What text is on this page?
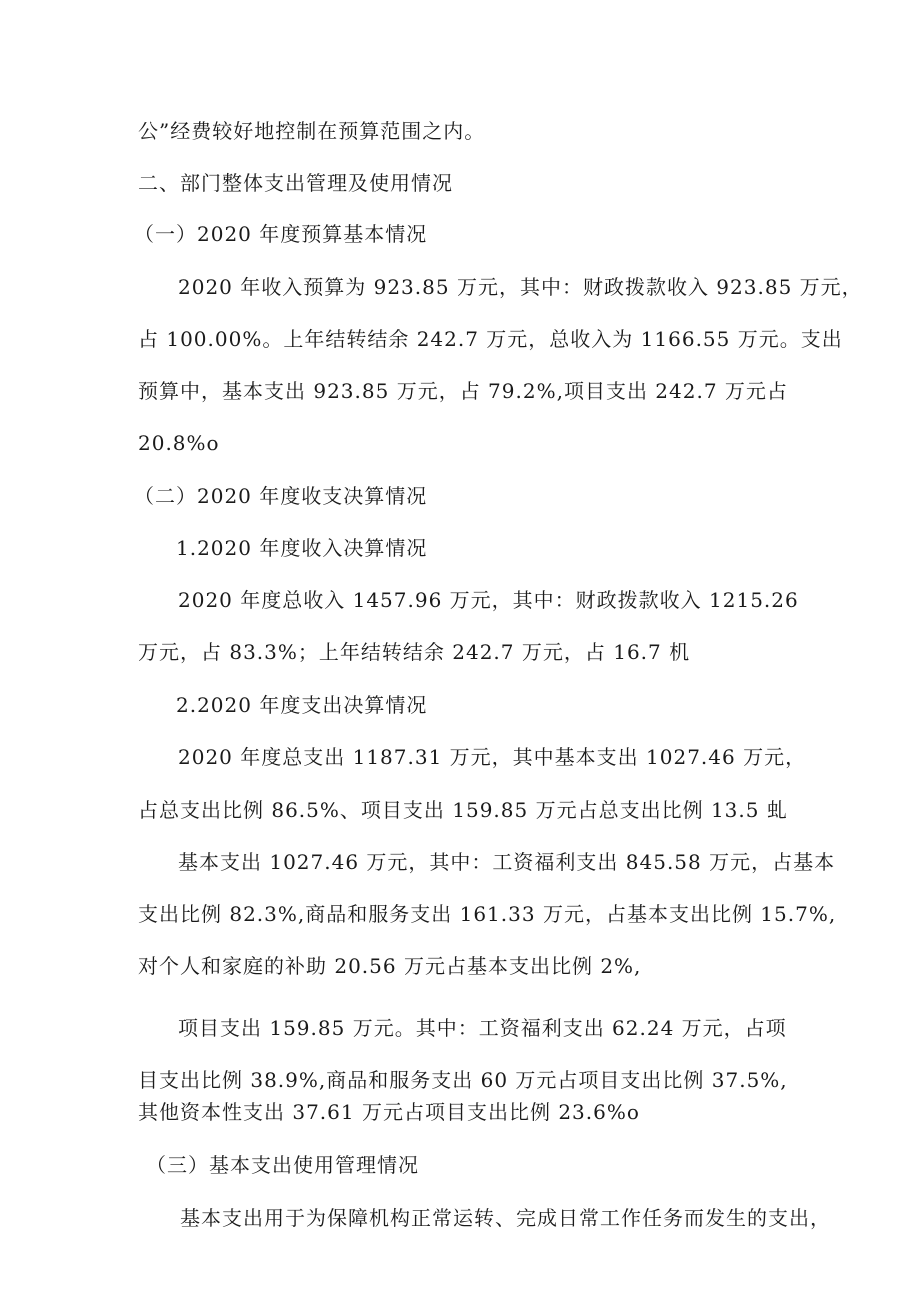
公”经费较好地控制在预算范围之内。
二、部门整体支出管理及使用情况
（一）2020 年度预算基本情况
2020 年收入预算为 923.85 万元，其中：财政拨款收入 923.85 万元，
占 100.00%。上年结转结余 242.7 万元，总收入为 1166.55 万元。支出
预算中，基本支出 923.85 万元，占 79.2%,项目支出 242.7 万元占
20.8%o
（二）2020 年度收支决算情况
1.2020 年度收入决算情况
2020 年度总收入 1457.96 万元，其中：财政拨款收入 1215.26
万元，占 83.3%；上年结转结余 242.7 万元，占 16.7 机
2.2020 年度支出决算情况
2020 年度总支出 1187.31 万元，其中基本支出 1027.46 万元，
占总支出比例 86.5%、项目支出 159.85 万元占总支出比例 13.5 虬
基本支出 1027.46 万元，其中：工资福利支出 845.58 万元，占基本
支出比例 82.3%,商品和服务支出 161.33 万元，占基本支出比例 15.7%,
对个人和家庭的补助 20.56 万元占基本支出比例 2%,
项目支出 159.85 万元。其中：工资福利支出 62.24 万元，占项
目支出比例 38.9%,商品和服务支出 60 万元占项目支出比例 37.5%,
其他资本性支出 37.61 万元占项目支出比例 23.6%o
（三）基本支出使用管理情况
基本支出用于为保障机构正常运转、完成日常工作任务而发生的支出，
